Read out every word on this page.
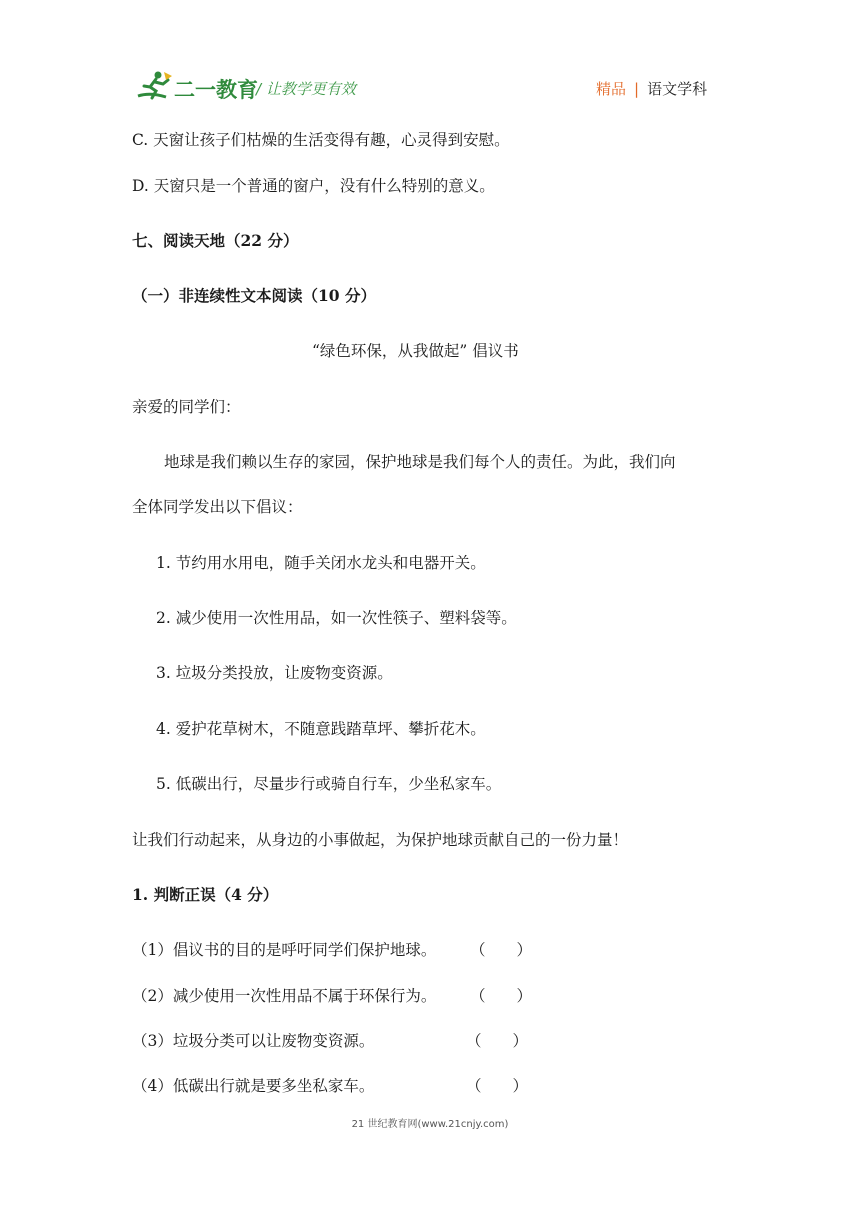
二一教育
/ 让教学更有效	精品 | 语文学科
C. 天窗让孩子们枯燥的生活变得有趣，心灵得到安慰。
D. 天窗只是一个普通的窗户，没有什么特别的意义。
七、阅读天地（22 分）
（一）非连续性文本阅读（10 分）
“绿色环保，从我做起” 倡议书
亲爱的同学们：
地球是我们赖以生存的家园，保护地球是我们每个人的责任。为此，我们向
全体同学发出以下倡议：
1. 节约用水用电，随手关闭水龙头和电器开关。
2. 减少使用一次性用品，如一次性筷子、塑料袋等。
3. 垃圾分类投放，让废物变资源。
4. 爱护花草树木，不随意践踏草坪、攀折花木。
5. 低碳出行，尽量步行或骑自行车，少坐私家车。
让我们行动起来，从身边的小事做起，为保护地球贡献自己的一份力量！
1. 判断正误（4 分）
（1）倡议书的目的是呼吁同学们保护地球。 （　　）
（2）减少使用一次性用品不属于环保行为。 （　　）
（3）垃圾分类可以让废物变资源。	（　　）
（4）低碳出行就是要多坐私家车。	（　　）
21 世纪教育网(www.21cnjy.com)
